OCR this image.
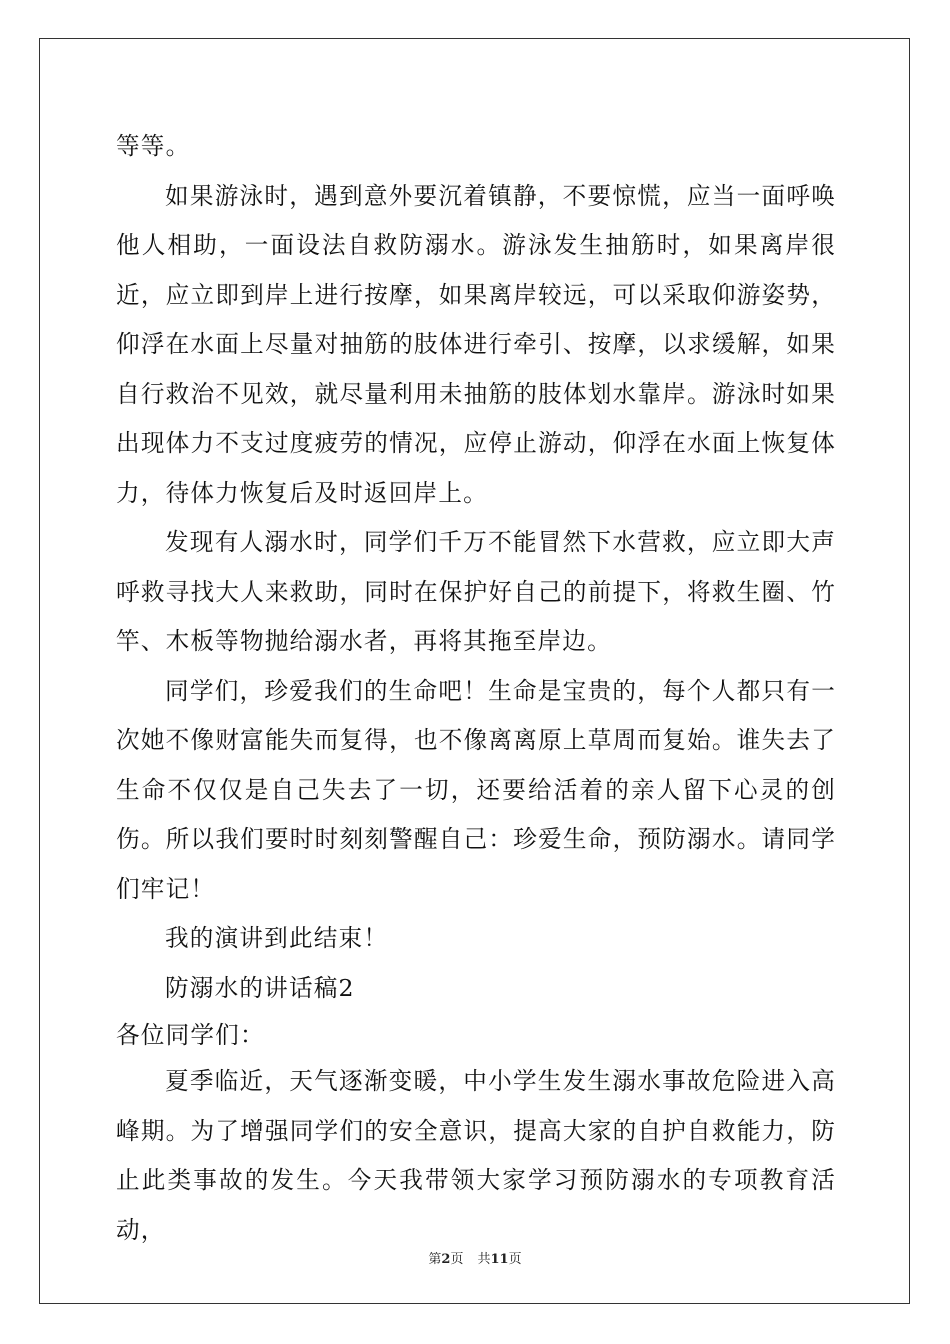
等等。

如果游泳时，遇到意外要沉着镇静，不要惊慌，应当一面呼唤他人相助，一面设法自救防溺水。游泳发生抽筋时，如果离岸很近，应立即到岸上进行按摩，如果离岸较远，可以采取仰游姿势，仰浮在水面上尽量对抽筋的肢体进行牵引、按摩，以求缓解，如果自行救治不见效，就尽量利用未抽筋的肢体划水靠岸。游泳时如果出现体力不支过度疲劳的情况，应停止游动，仰浮在水面上恢复体力，待体力恢复后及时返回岸上。

发现有人溺水时，同学们千万不能冒然下水营救，应立即大声呼救寻找大人来救助，同时在保护好自己的前提下，将救生圈、竹竿、木板等物抛给溺水者，再将其拖至岸边。

同学们，珍爱我们的生命吧！生命是宝贵的，每个人都只有一次她不像财富能失而复得，也不像离离原上草周而复始。谁失去了生命不仅仅是自己失去了一切，还要给活着的亲人留下心灵的创伤。所以我们要时时刻刻警醒自己：珍爱生命，预防溺水。请同学们牢记！

我的演讲到此结束！

防溺水的讲话稿2

各位同学们：

夏季临近，天气逐渐变暖，中小学生发生溺水事故危险进入高峰期。为了增强同学们的安全意识，提高大家的自护自救能力，防止此类事故的发生。今天我带领大家学习预防溺水的专项教育活动，

第2页 共11页
